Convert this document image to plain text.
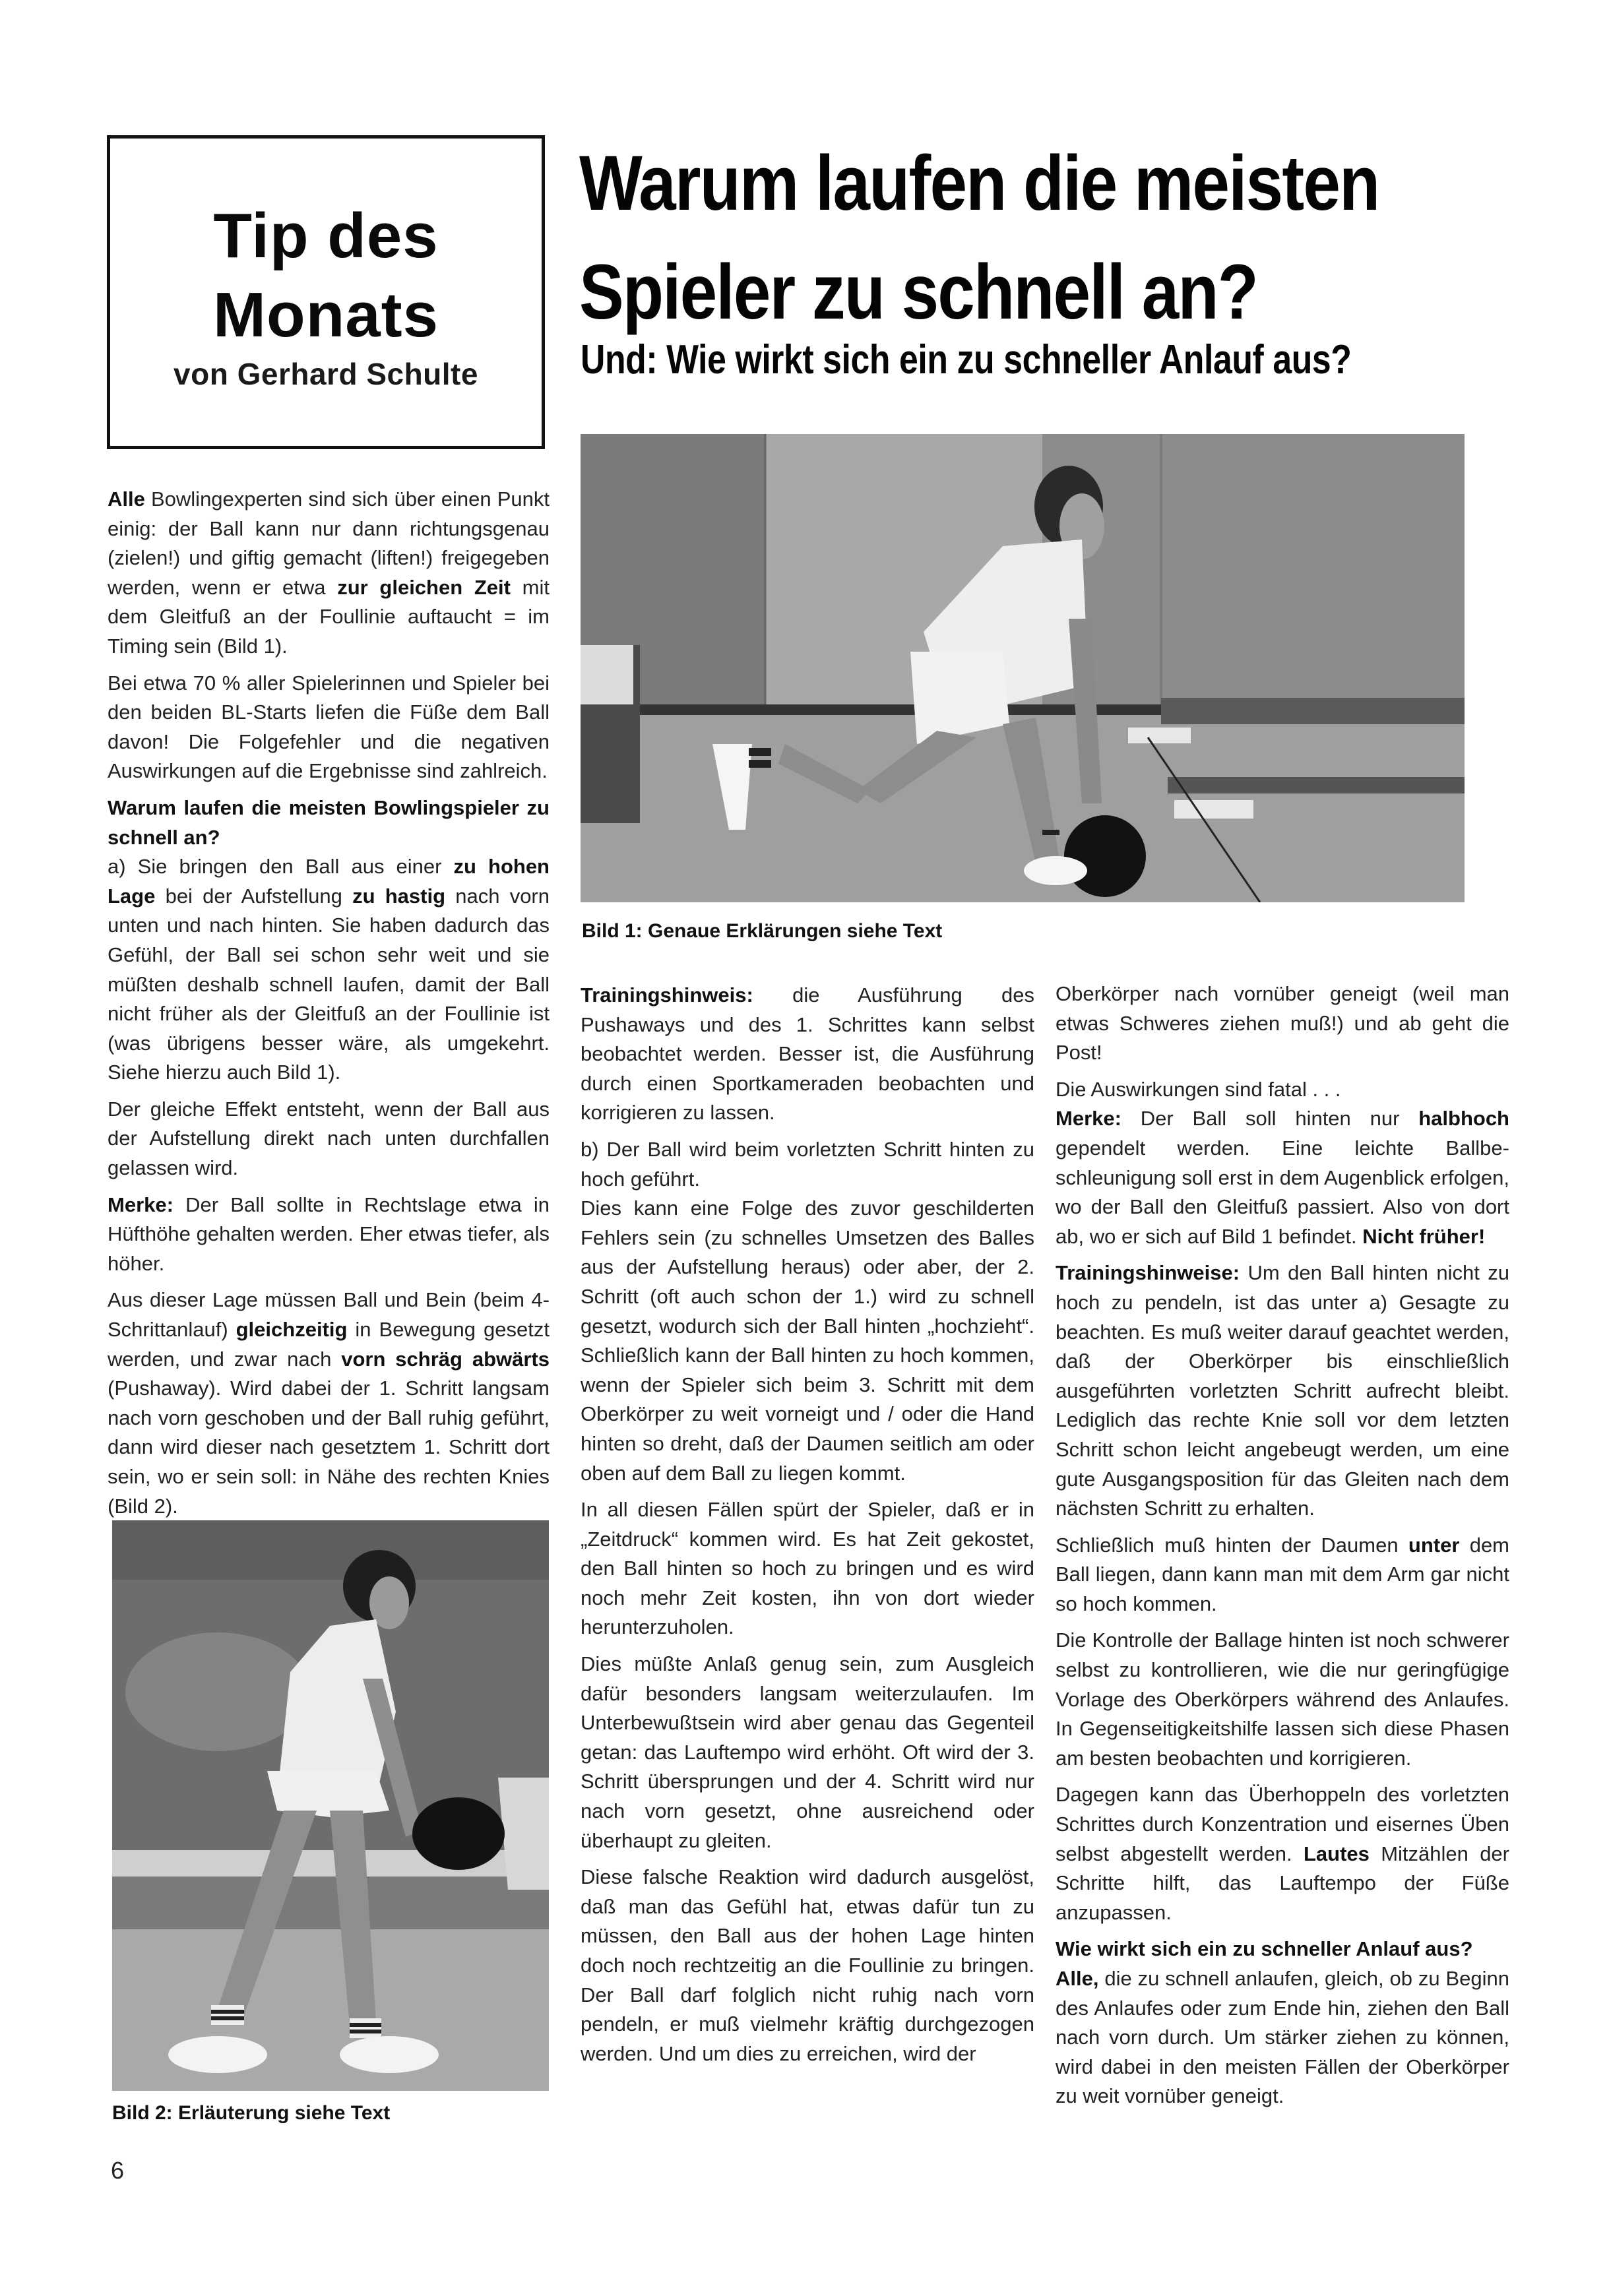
Tip des
Monats
von Gerhard Schulte
Warum laufen die meisten
Spieler zu schnell an?
Und: Wie wirkt sich ein zu schneller Anlauf aus?
Bild 1: Genaue Erklärungen siehe Text

Alle Bowlingexperten sind sich über einen Punkt einig: der Ball kann nur dann richtungsgenau (zielen!) und giftig gemacht (liften!) freigegeben werden, wenn er etwa zur gleichen Zeit mit dem Gleitfuß an der Foullinie auftaucht = im Timing sein (Bild 1).

Bei etwa 70 % aller Spielerinnen und Spieler bei den beiden BL-Starts liefen die Füße dem Ball davon! Die Folgefehler und die negativen Auswirkungen auf die Ergebnisse sind zahlreich.

Warum laufen die meisten Bowlingspieler zu schnell an?

a) Sie bringen den Ball aus einer zu hohen Lage bei der Aufstellung zu hastig nach vorn unten und nach hinten. Sie haben dadurch das Gefühl, der Ball sei schon sehr weit und sie müßten deshalb schnell laufen, damit der Ball nicht früher als der Gleitfuß an der Foullinie ist (was übrigens besser wäre, als umgekehrt. Siehe hierzu auch Bild 1).

Der gleiche Effekt entsteht, wenn der Ball aus der Aufstellung direkt nach unten durchfallen gelassen wird.

Merke: Der Ball sollte in Rechtslage etwa in Hüfthöhe gehalten werden. Eher etwas tiefer, als höher.

Aus dieser Lage müssen Ball und Bein (beim 4-Schrittanlauf) gleichzeitig in Bewegung gesetzt werden, und zwar nach vorn schräg abwärts (Pushaway). Wird dabei der 1. Schritt langsam nach vorn geschoben und der Ball ruhig geführt, dann wird dieser nach gesetztem 1. Schritt dort sein, wo er sein soll: in Nähe des rechten Knies (Bild 2).

Bild 2: Erläuterung siehe Text
6

Trainingshinweis: die Ausführung des Pushaways und des 1. Schrittes kann selbst beobachtet werden. Besser ist, die Ausführung durch einen Sportkameraden beobachten und korrigieren zu lassen.

b) Der Ball wird beim vorletzten Schritt hinten zu hoch geführt.

Dies kann eine Folge des zuvor geschilderten Fehlers sein (zu schnelles Umsetzen des Balles aus der Aufstellung heraus) oder aber, der 2. Schritt (oft auch schon der 1.) wird zu schnell gesetzt, wodurch sich der Ball hinten „hochzieht“. Schließlich kann der Ball hinten zu hoch kommen, wenn der Spieler sich beim 3. Schritt mit dem Oberkörper zu weit vorneigt und / oder die Hand hinten so dreht, daß der Daumen seitlich am oder oben auf dem Ball zu liegen kommt.

In all diesen Fällen spürt der Spieler, daß er in „Zeitdruck“ kommen wird. Es hat Zeit gekostet, den Ball hinten so hoch zu bringen und es wird noch mehr Zeit kosten, ihn von dort wieder herunterzuholen.

Dies müßte Anlaß genug sein, zum Ausgleich dafür besonders langsam weiterzulaufen. Im Unterbewußtsein wird aber genau das Gegenteil getan: das Lauftempo wird erhöht. Oft wird der 3. Schritt übersprungen und der 4. Schritt wird nur nach vorn gesetzt, ohne ausreichend oder überhaupt zu gleiten.

Diese falsche Reaktion wird dadurch ausgelöst, daß man das Gefühl hat, etwas dafür tun zu müssen, den Ball aus der hohen Lage hinten doch noch rechtzeitig an die Foullinie zu bringen. Der Ball darf folglich nicht ruhig nach vorn pendeln, er muß vielmehr kräftig durchgezogen werden. Und um dies zu erreichen, wird der

Oberkörper nach vornüber geneigt (weil man etwas Schweres ziehen muß!) und ab geht die Post!

Die Auswirkungen sind fatal . . .

Merke: Der Ball soll hinten nur halbhoch gependelt werden. Eine leichte Ballbeschleunigung soll erst in dem Augenblick erfolgen, wo der Ball den Gleitfuß passiert. Also von dort ab, wo er sich auf Bild 1 befindet. Nicht früher!

Trainingshinweise: Um den Ball hinten nicht zu hoch zu pendeln, ist das unter a) Gesagte zu beachten. Es muß weiter darauf geachtet werden, daß der Oberkörper bis einschließlich ausgeführten vorletzten Schritt aufrecht bleibt. Lediglich das rechte Knie soll vor dem letzten Schritt schon leicht angebeugt werden, um eine gute Ausgangsposition für das Gleiten nach dem nächsten Schritt zu erhalten.

Schließlich muß hinten der Daumen unter dem Ball liegen, dann kann man mit dem Arm gar nicht so hoch kommen.

Die Kontrolle der Ballage hinten ist noch schwerer selbst zu kontrollieren, wie die nur geringfügige Vorlage des Oberkörpers während des Anlaufes. In Gegenseitigkeitshilfe lassen sich diese Phasen am besten beobachten und korrigieren.

Dagegen kann das Überhoppeln des vorletzten Schrittes durch Konzentration und eisernes Üben selbst abgestellt werden. Lautes Mitzählen der Schritte hilft, das Lauftempo der Füße anzupassen.

Wie wirkt sich ein zu schneller Anlauf aus?

Alle, die zu schnell anlaufen, gleich, ob zu Beginn des Anlaufes oder zum Ende hin, ziehen den Ball nach vorn durch. Um stärker ziehen zu können, wird dabei in den meisten Fällen der Oberkörper zu weit vornüber geneigt.
